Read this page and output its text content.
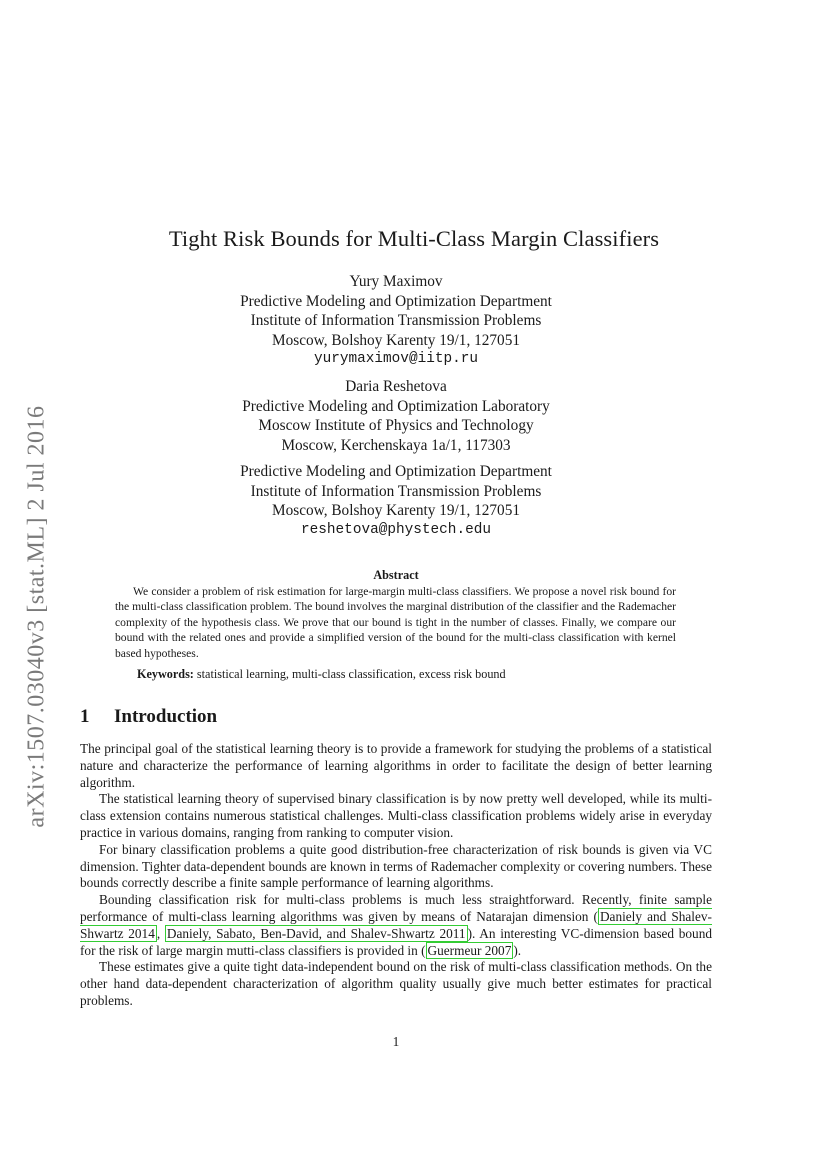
arXiv:1507.03040v3 [stat.ML] 2 Jul 2016
Tight Risk Bounds for Multi-Class Margin Classifiers
Yury Maximov
Predictive Modeling and Optimization Department
Institute of Information Transmission Problems
Moscow, Bolshoy Karenty 19/1, 127051
yurymaximov@iitp.ru
Daria Reshetova
Predictive Modeling and Optimization Laboratory
Moscow Institute of Physics and Technology
Moscow, Kerchenskaya 1a/1, 117303
Predictive Modeling and Optimization Department
Institute of Information Transmission Problems
Moscow, Bolshoy Karenty 19/1, 127051
reshetova@phystech.edu
Abstract
We consider a problem of risk estimation for large-margin multi-class classifiers. We propose a novel risk bound for the multi-class classification problem. The bound involves the marginal distribution of the classifier and the Rademacher complexity of the hypothesis class. We prove that our bound is tight in the number of classes. Finally, we compare our bound with the related ones and provide a simplified version of the bound for the multi-class classification with kernel based hypotheses.
Keywords: statistical learning, multi-class classification, excess risk bound
1 Introduction

The principal goal of the statistical learning theory is to provide a framework for studying the problems of a statistical nature and characterize the performance of learning algorithms in order to facilitate the design of better learning algorithm.

The statistical learning theory of supervised binary classification is by now pretty well developed, while its multi-class extension contains numerous statistical challenges. Multi-class classification problems widely arise in everyday practice in various domains, ranging from ranking to computer vision.

For binary classification problems a quite good distribution-free characterization of risk bounds is given via VC dimension. Tighter data-dependent bounds are known in terms of Rademacher complexity or covering numbers. These bounds correctly describe a finite sample performance of learning algorithms.

Bounding classification risk for multi-class problems is much less straightforward. Recently, finite sample performance of multi-class learning algorithms was given by means of Natarajan dimension ( Daniely and Shalev-Shwartz 2014 , Daniely, Sabato, Ben-David, and Shalev-Shwartz 2011 ). An interesting VC-dimension based bound for the risk of large margin mutti-class classifiers is provided in ( Guermeur 2007 ).

These estimates give a quite tight data-independent bound on the risk of multi-class classification methods. On the other hand data-dependent characterization of algorithm quality usually give much better estimates for practical problems.

1
